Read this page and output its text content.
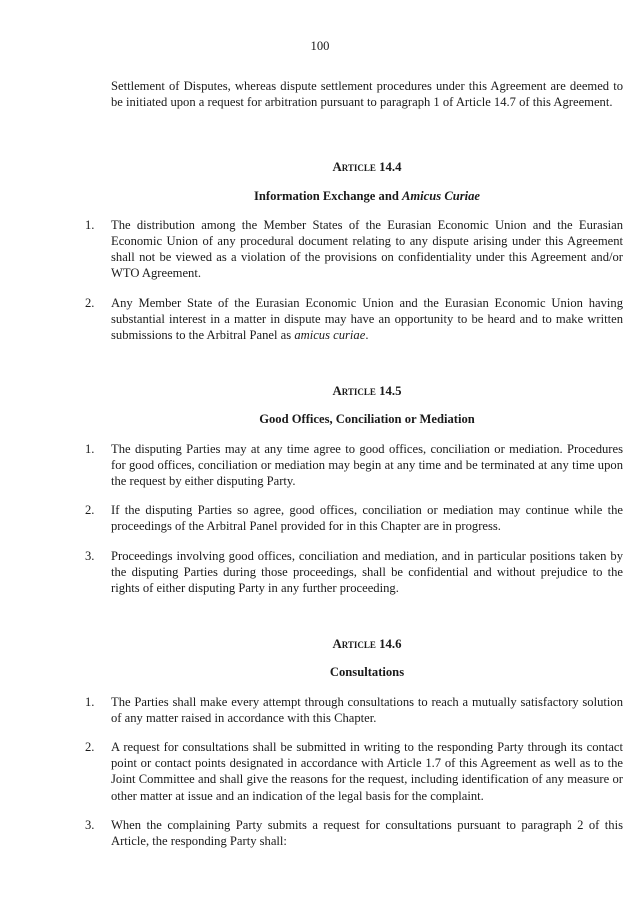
100

Settlement of Disputes, whereas dispute settlement procedures under this Agreement are deemed to be initiated upon a request for arbitration pursuant to paragraph 1 of Article 14.7 of this Agreement.

Article 14.4
Information Exchange and Amicus Curiae
1. The distribution among the Member States of the Eurasian Economic Union and the Eurasian Economic Union of any procedural document relating to any dispute arising under this Agreement shall not be viewed as a violation of the provisions on confidentiality under this Agreement and/or WTO Agreement.
2. Any Member State of the Eurasian Economic Union and the Eurasian Economic Union having substantial interest in a matter in dispute may have an opportunity to be heard and to make written submissions to the Arbitral Panel as amicus curiae.
Article 14.5
Good Offices, Conciliation or Mediation
1. The disputing Parties may at any time agree to good offices, conciliation or mediation. Procedures for good offices, conciliation or mediation may begin at any time and be terminated at any time upon the request by either disputing Party.
2. If the disputing Parties so agree, good offices, conciliation or mediation may continue while the proceedings of the Arbitral Panel provided for in this Chapter are in progress.
3. Proceedings involving good offices, conciliation and mediation, and in particular positions taken by the disputing Parties during those proceedings, shall be confidential and without prejudice to the rights of either disputing Party in any further proceeding.
Article 14.6
Consultations
1. The Parties shall make every attempt through consultations to reach a mutually satisfactory solution of any matter raised in accordance with this Chapter.
2. A request for consultations shall be submitted in writing to the responding Party through its contact point or contact points designated in accordance with Article 1.7 of this Agreement as well as to the Joint Committee and shall give the reasons for the request, including identification of any measure or other matter at issue and an indication of the legal basis for the complaint.
3. When the complaining Party submits a request for consultations pursuant to paragraph 2 of this Article, the responding Party shall:
